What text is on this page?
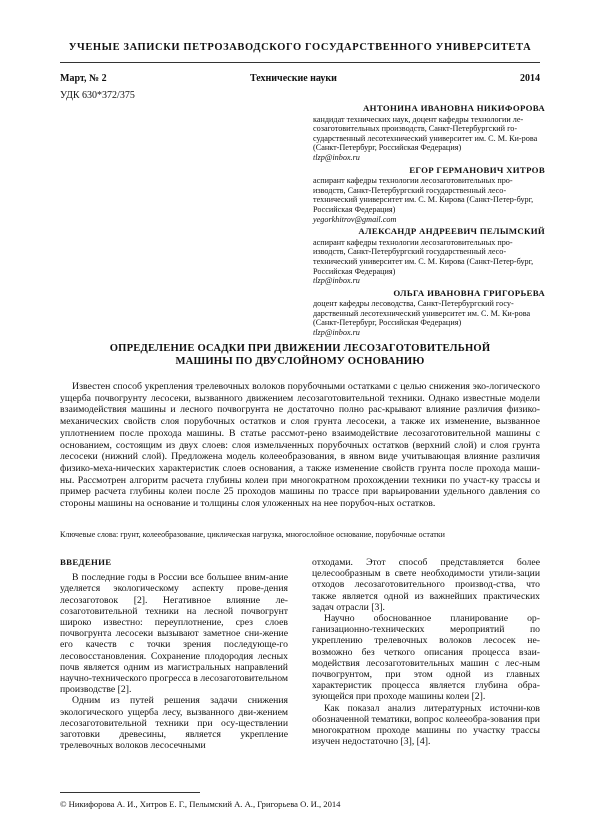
УЧЕНЫЕ ЗАПИСКИ ПЕТРОЗАВОДСКОГО ГОСУДАРСТВЕННОГО УНИВЕРСИТЕТА
Март, № 2	Технические науки	2014
УДК 630*372/375
АНТОНИНА ИВАНОВНА НИКИФОРОВА
кандидат технических наук, доцент кафедры технологии ле-созаготовительных производств, Санкт-Петербургский го-сударственный лесотехнический университет им. С. М. Ки-рова (Санкт-Петербург, Российская Федерация)
tlzp@inbox.ru
ЕГОР ГЕРМАНОВИЧ ХИТРОВ
аспирант кафедры технологии лесозаготовительных про-изводств, Санкт-Петербургский государственный лесо-технический университет им. С. М. Кирова (Санкт-Петер-бург, Российская Федерация)
yegorkhitrov@gmail.com
АЛЕКСАНДР АНДРЕЕВИЧ ПЕЛЫМСКИЙ
аспирант кафедры технологии лесозаготовительных про-изводств, Санкт-Петербургский государственный лесо-технический университет им. С. М. Кирова (Санкт-Петер-бург, Российская Федерация)
tlzp@inbox.ru
ОЛЬГА ИВАНОВНА ГРИГОРЬЕВА
доцент кафедры лесоводства, Санкт-Петербургский госу-дарственный лесотехнический университет им. С. М. Ки-рова (Санкт-Петербург, Российская Федерация)
tlzp@inbox.ru
ОПРЕДЕЛЕНИЕ ОСАДКИ ПРИ ДВИЖЕНИИ ЛЕСОЗАГОТОВИТЕЛЬНОЙ МАШИНЫ ПО ДВУСЛОЙНОМУ ОСНОВАНИЮ

Известен способ укрепления трелевочных волоков порубочными остатками с целью снижения эко-логического ущерба почвогрунту лесосеки, вызванного движением лесозаготовительной техники. Однако известные модели взаимодействия машины и лесного почвогрунта не достаточно полно рас-крывают влияние различия физико-механических свойств слоя порубочных остатков и слоя грунта лесосеки, а также их изменение, вызванное уплотнением после прохода машины. В статье рассмот-рено взаимодействие лесозаготовительной машины с основанием, состоящим из двух слоев: слоя измельченных порубочных остатков (верхний слой) и слоя грунта лесосеки (нижний слой). Предложена модель колееобразования, в явном виде учитывающая влияние различия физико-меха-нических характеристик слоев основания, а также изменение свойств грунта после прохода маши-ны. Рассмотрен алгоритм расчета глубины колеи при многократном прохождении техники по участ-ку трассы и пример расчета глубины колеи после 25 проходов машины по трассе при варьировании удельного давления со стороны машины на основание и толщины слоя уложенных на нее порубоч-ных остатков.

Ключевые слова: грунт, колееобразование, циклическая нагрузка, многослойное основание, порубочные остатки
ВВЕДЕНИЕ

В последние годы в России все большее вним-ание уделяется экологическому аспекту прове-дения лесозаготовок [2]. Негативное влияние ле-созаготовительной техники на лесной почвогрунт широко известно: переуплотнение, срез слоев почвогрунта лесосеки вызывают заметное сни-жение его качеств с точки зрения последующе-го лесовосстановления. Сохранение плодородия лесных почв является одним из магистральных направлений научно-технического прогресса в лесозаготовительном производстве [2].

Одним из путей решения задачи снижения экологического ущерба лесу, вызванного дви-жением лесозаготовительной техники при осу-ществлении заготовки древесины, является укрепление трелевочных волоков лесосечными

отходами. Этот способ представляется более целесообразным в свете необходимости утили-зации отходов лесозаготовительного производ-ства, что также является одной из важнейших практических задач отрасли [3].

Научно обоснованное планирование ор-ганизационно-технических мероприятий по укреплению трелевочных волоков лесосек не-возможно без четкого описания процесса взаи-модействия лесозаготовительных машин с лес-ным почвогрунтом, при этом одной из главных характеристик процесса является глубина обра-зующейся при проходе машины колеи [2].

Как показал анализ литературных источни-ков обозначенной тематики, вопрос колееобра-зования при многократном проходе машины по участку трассы изучен недостаточно [3], [4].

© Никифорова А. И., Хитров Е. Г., Пелымский А. А., Григорьева О. И., 2014
